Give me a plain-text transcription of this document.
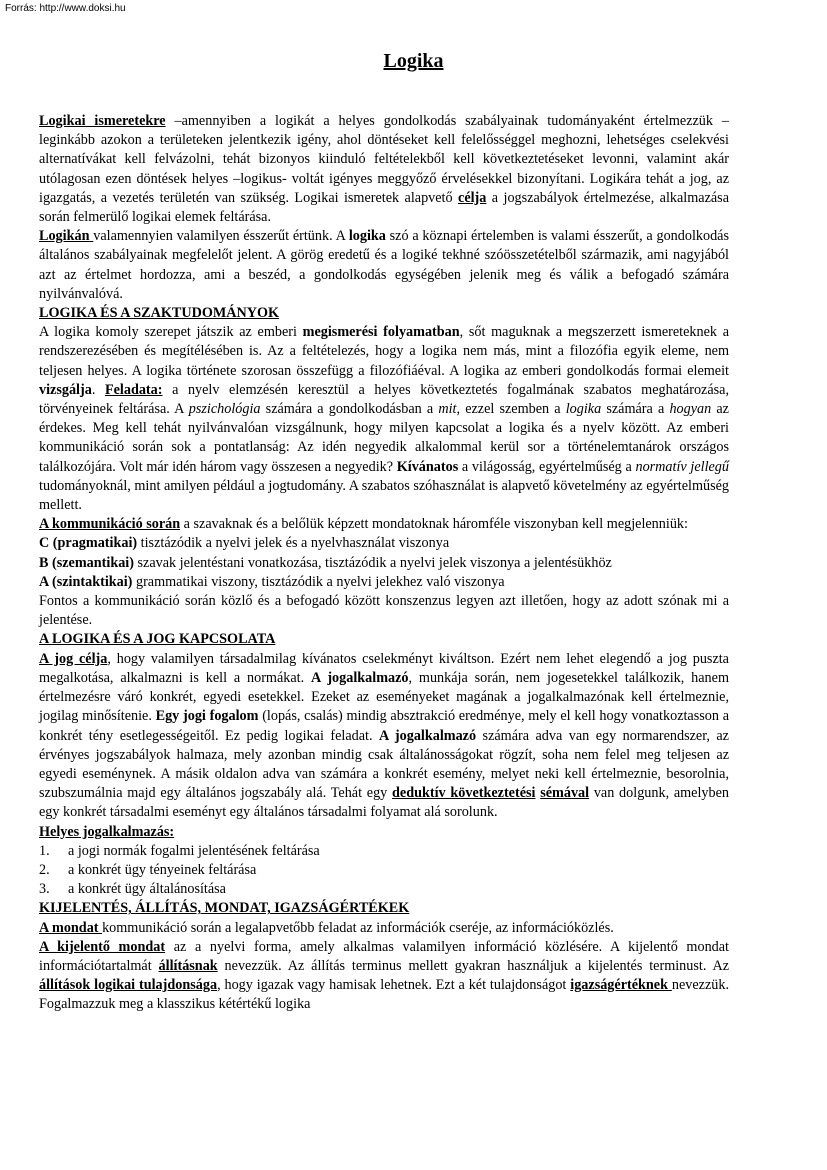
Forrás: http://www.doksi.hu
Logika

Logikai ismeretekre –amennyiben a logikát a helyes gondolkodás szabályainak tudományaként értelmezzük – leginkább azokon a területeken jelentkezik igény, ahol döntéseket kell felelősséggel meghozni, lehetséges cselekvési alternatívákat kell felvázolni, tehát bizonyos kiinduló feltételekből kell következtetéseket levonni, valamint akár utólagosan ezen döntések helyes –logikus- voltát igényes meggyőző érvelésekkel bizonyítani. Logikára tehát a jog, az igazgatás, a vezetés területén van szükség. Logikai ismeretek alapvető célja a jogszabályok értelmezése, alkalmazása során felmerülő logikai elemek feltárása.

Logikán valamennyien valamilyen ésszerűt értünk. A logika szó a köznapi értelemben is valami ésszerűt, a gondolkodás általános szabályainak megfelelőt jelent. A görög eredetű és a logiké tekhné szóösszetételből származik, ami nagyjából azt az értelmet hordozza, ami a beszéd, a gondolkodás egységében jelenik meg és válik a befogadó számára nyilvánvalóvá.

LOGIKA ÉS A SZAKTUDOMÁNYOK

A logika komoly szerepet játszik az emberi megismerési folyamatban, sőt maguknak a megszerzett ismereteknek a rendszerezésében és megítélésében is. Az a feltételezés, hogy a logika nem más, mint a filozófia egyik eleme, nem teljesen helyes. A logika története szorosan összefügg a filozófiáéval. A logika az emberi gondolkodás formai elemeit vizsgálja. Feladata: a nyelv elemzésén keresztül a helyes következtetés fogalmának szabatos meghatározása, törvényeinek feltárása. A pszichológia számára a gondolkodásban a mit, ezzel szemben a logika számára a hogyan az érdekes. Meg kell tehát nyilvánvalóan vizsgálnunk, hogy milyen kapcsolat a logika és a nyelv között. Az emberi kommunikáció során sok a pontatlanság: Az idén negyedik alkalommal kerül sor a történelemtanárok országos találkozójára. Volt már idén három vagy összesen a negyedik? Kívánatos a világosság, egyértelműség a normatív jellegű tudományoknál, mint amilyen például a jogtudomány. A szabatos szóhasználat is alapvető követelmény az egyértelműség mellett.

A kommunikáció során a szavaknak és a belőlük képzett mondatoknak háromféle viszonyban kell megjelenniük:

C (pragmatikai) tisztázódik a nyelvi jelek és a nyelvhasználat viszonya
B (szemantikai) szavak jelentéstani vonatkozása, tisztázódik a nyelvi jelek viszonya a jelentésükhöz
A (szintaktikai) grammatikai viszony, tisztázódik a nyelvi jelekhez való viszonya

Fontos a kommunikáció során közlő és a befogadó között konszenzus legyen azt illetően, hogy az adott szónak mi a jelentése.

A LOGIKA ÉS A JOG KAPCSOLATA

A jog célja, hogy valamilyen társadalmilag kívánatos cselekményt kiváltson. Ezért nem lehet elegendő a jog puszta megalkotása, alkalmazni is kell a normákat. A jogalkalmazó, munkája során, nem jogesetekkel találkozik, hanem értelmezésre váró konkrét, egyedi esetekkel. Ezeket az eseményeket magának a jogalkalmazónak kell értelmeznie, jogilag minősítenie. Egy jogi fogalom (lopás, csalás) mindig absztrakció eredménye, mely el kell hogy vonatkoztasson a konkrét tény esetlegességeitől. Ez pedig logikai feladat. A jogalkalmazó számára adva van egy normarendszer, az érvényes jogszabályok halmaza, mely azonban mindig csak általánosságokat rögzít, soha nem felel meg teljesen az egyedi eseménynek. A másik oldalon adva van számára a konkrét esemény, melyet neki kell értelmeznie, besorolnia, szubszumálnia majd egy általános jogszabály alá. Tehát egy deduktív következtetési sémával van dolgunk, amelyben egy konkrét társadalmi eseményt egy általános társadalmi folyamat alá sorolunk.

Helyes jogalkalmazás:
1. a jogi normák fogalmi jelentésének feltárása
2. a konkrét ügy tényeinek feltárása
3. a konkrét ügy általánosítása
KIJELENTÉS, ÁLLÍTÁS, MONDAT, IGAZSÁGÉRTÉKEK

A mondat kommunikáció során a legalapvetőbb feladat az információk cseréje, az információközlés.

A kijelentő mondat az a nyelvi forma, amely alkalmas valamilyen információ közlésére. A kijelentő mondat információtartalmát állításnak nevezzük. Az állítás terminus mellett gyakran használjuk a kijelentés terminust. Az állítások logikai tulajdonsága, hogy igazak vagy hamisak lehetnek. Ezt a két tulajdonságot igazságértéknek nevezzük. Fogalmazzuk meg a klasszikus kétértékű logika
